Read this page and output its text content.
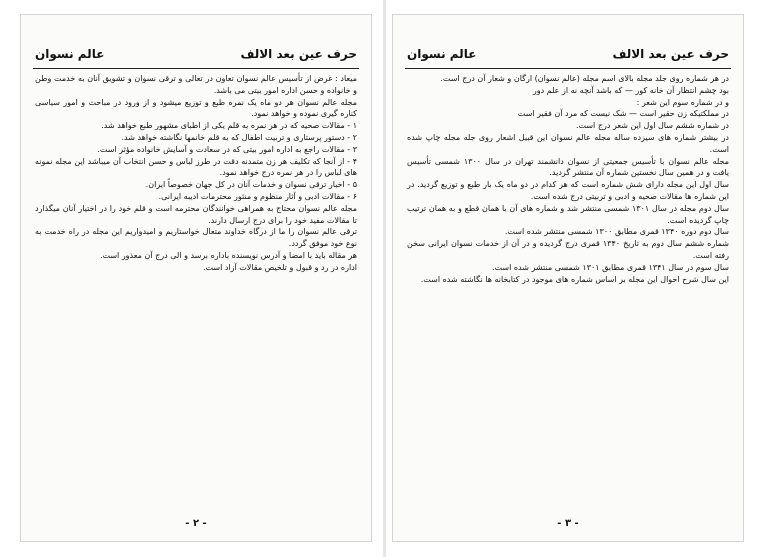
حرف عین بعد الالف
عالم نسوان

میعاد : غرض از تأسیس عالم نسوان تعاون در تعالی و ترقی نسوان و تشویق آنان به خدمت وطن و خانواده و حسن اداره امور بیتی می باشد.

مجله عالم نسوان هر دو ماه یک نمره طبع و توزیع میشود و از ورود در مباحث و امور سیاسی کناره گیری نموده و خواهد نمود.

۱ - مقالات صحیه که در هر نمره به قلم یکی از اطبای مشهور طبع خواهد شد.

۲ - دستور پرستاری و تربیت اطفال که به قلم خانمها نگاشته خواهد شد.

۳ - مقالات راجع به اداره امور بیتی که در سعادت و آسایش خانواده مؤثر است.

۴ - از آنجا که تکلیف هر زن متمدنه دقت در طرز لباس و حسن انتخاب آن میباشد این مجله نمونه های لباس را در هر نمره درج خواهد نمود.

۵ - اخبار ترقی نسوان و خدمات آنان در کل جهان خصوصاً ایران.

۶ - مقالات ادبی و آثار منظوم و منثور محترمات ادیبه ایرانی.

مجله عالم نسوان محتاج به همراهی خوانندگان محترمه است و قلم خود را در اختیار آنان میگذارد تا مقالات مفید خود را برای درج ارسال دارند.

ترقی عالم نسوان را ما از درگاه خداوند متعال خواستاریم و امیدواریم این مجله در راه خدمت به نوع خود موفق گردد.

هر مقاله باید با امضا و آدرس نویسنده باداره برسد و الی درج آن معذور است.

اداره در رد و قبول و تلخیص مقالات آزاد است.

- ۲ -
حرف عین بعد الالف
عالم نسوان

در هر شماره روی جلد مجله بالای اسم مجله (عالم نسوان) ارگان و شعار آن درج است.

بود چشم انتظار آن خانه کور — که باشد آنچه نه از علم دور

و در شماره سوم این شعر :

در مملکتیکه زن حقیر است — شک نیست که مرد آن فقیر است

در شماره ششم سال اول این شعر درج است.

در بیشتر شماره های سیزده ساله مجله عالم نسوان این قبیل اشعار روی جله مجله چاپ شده است.

مجله عالم نسوان با تأسیس جمعیتی از نسوان دانشمند تهران در سال ۱۳۰۰ شمسی تأسیس یافت و در همین سال نخستین شماره آن منتشر گردید.

سال اول این مجله دارای شش شماره است که هر کدام در دو ماه یک بار طبع و توزیع گردید. در این شماره ها مقالات صحیه و ادبی و تربیتی درج شده است.

سال دوم مجله در سال ۱۳۰۱ شمسی منتشر شد و شماره های آن با همان قطع و به همان ترتیب چاپ گردیده است.

سال دوم دوره ۱۳۴۰ قمری مطابق ۱۳۰۰ شمسی منتشر شده است.

شماره ششم سال دوم به تاریخ ۱۳۴۰ قمری درج گردیده و در آن از خدمات نسوان ایرانی سخن رفته است.

سال سوم در سال ۱۳۴۱ قمری مطابق ۱۳۰۱ شمسی منتشر شده است.

این سال شرح احوال این مجله بر اساس شماره های موجود در کتابخانه ها نگاشته شده است.

- ۳ -
